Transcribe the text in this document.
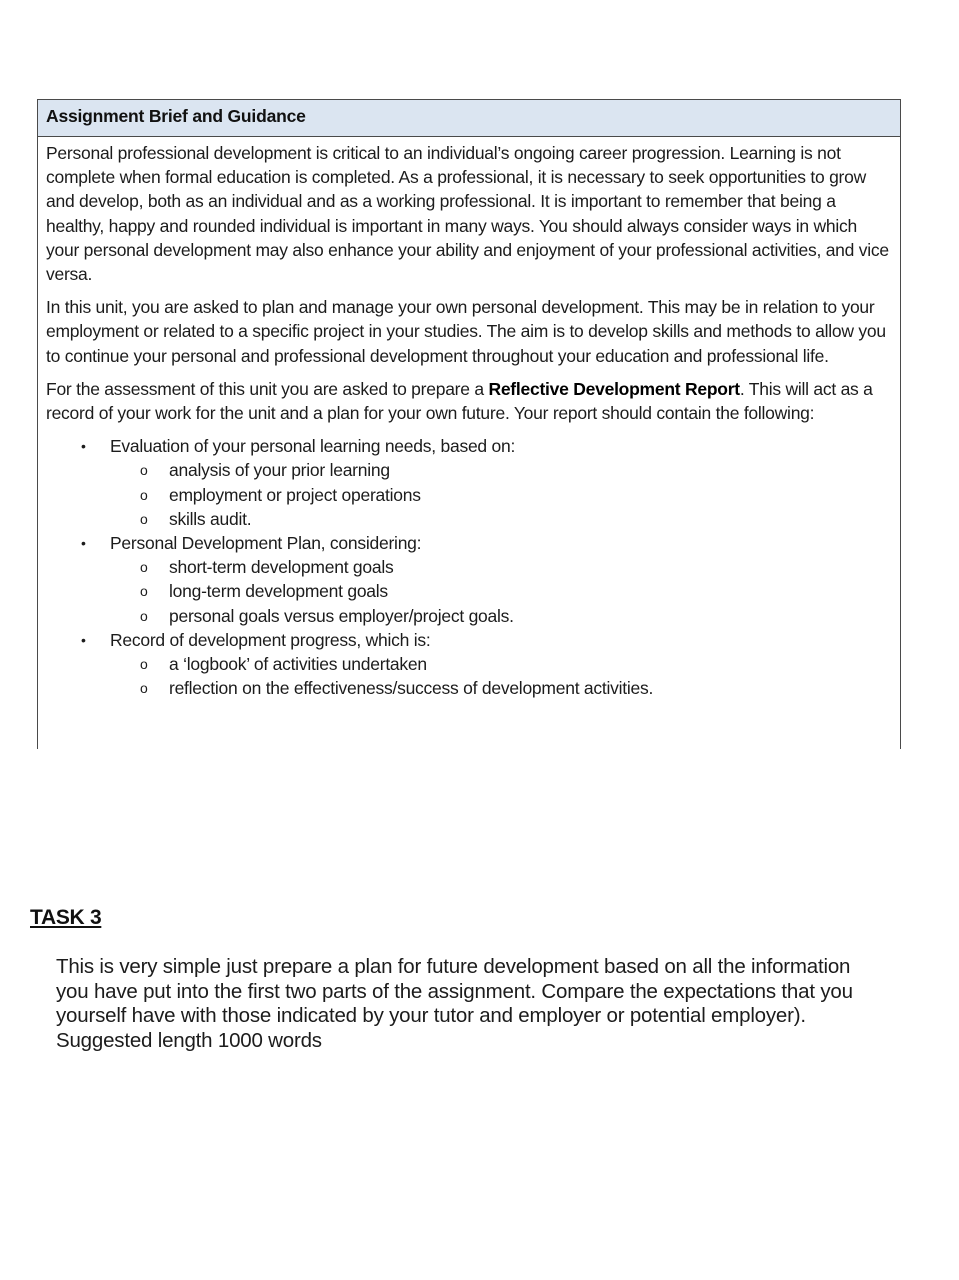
Assignment Brief and Guidance

Personal professional development is critical to an individual’s ongoing career progression. Learning is not complete when formal education is completed. As a professional, it is necessary to seek opportunities to grow and develop, both as an individual and as a working professional. It is important to remember that being a healthy, happy and rounded individual is important in many ways. You should always consider ways in which your personal development may also enhance your ability and enjoyment of your professional activities, and vice versa.

In this unit, you are asked to plan and manage your own personal development. This may be in relation to your employment or related to a specific project in your studies. The aim is to develop skills and methods to allow you to continue your personal and professional development throughout your education and professional life.

For the assessment of this unit you are asked to prepare a Reflective Development Report. This will act as a record of your work for the unit and a plan for your own future. Your report should contain the following:

• Evaluation of your personal learning needs, based on:
o analysis of your prior learning
o employment or project operations
o skills audit.
• Personal Development Plan, considering:
o short-term development goals
o long-term development goals
o personal goals versus employer/project goals.
• Record of development progress, which is:
o a ‘logbook’ of activities undertaken
o reflection on the effectiveness/success of development activities.
TASK 3
This is very simple just prepare a plan for future development based on all the information
you have put into the first two parts of the assignment. Compare the expectations that you
yourself have with those indicated by your tutor and employer or potential employer).
Suggested length 1000 words
